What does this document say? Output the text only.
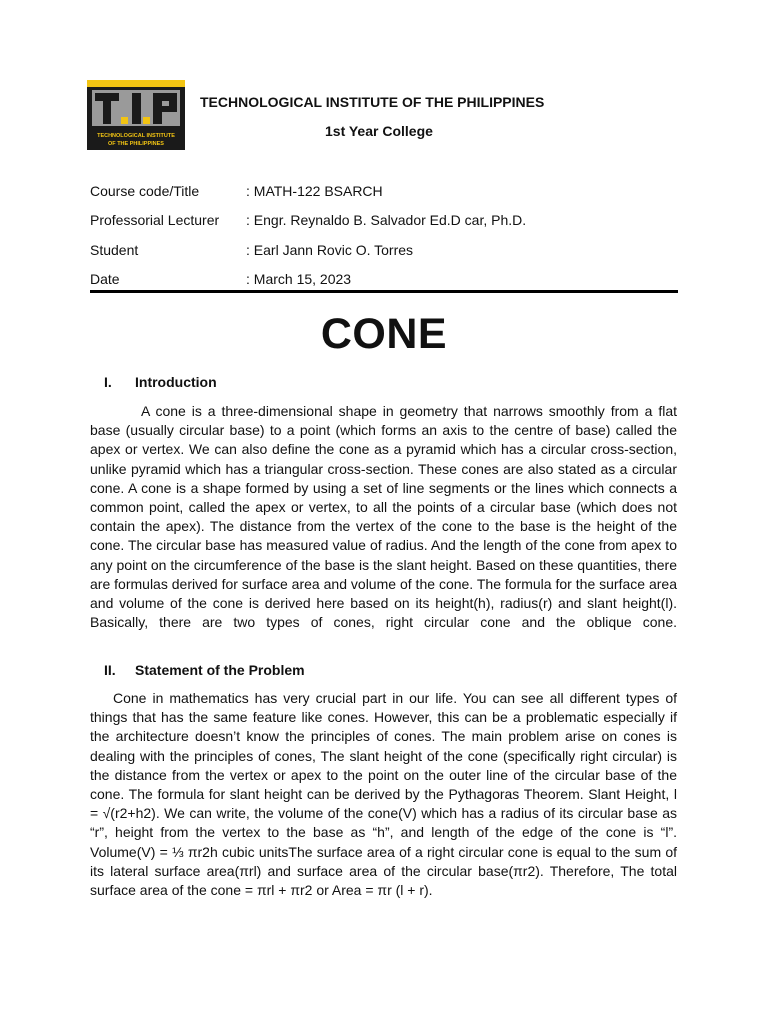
TECHNOLOGICAL INSTITUTE
OF THE PHILIPPINES
TECHNOLOGICAL INSTITUTE OF THE PHILIPPINES
1st Year College
Course code/Title	: MATH-122 BSARCH
Professorial Lecturer : Engr. Reynaldo B. Salvador Ed.D car, Ph.D.
Student	: Earl Jann Rovic O. Torres
Date	: March 15, 2023
CONE
I. Introduction

A cone is a three-dimensional shape in geometry that narrows smoothly from a flat base (usually circular base) to a point (which forms an axis to the centre of base) called the apex or vertex. We can also define the cone as a pyramid which has a circular cross-section, unlike pyramid which has a triangular cross-section. These cones are also stated as a circular cone. A cone is a shape formed by using a set of line segments or the lines which connects a common point, called the apex or vertex, to all the points of a circular base (which does not contain the apex). The distance from the vertex of the cone to the base is the height of the cone. The circular base has measured value of radius. And the length of the cone from apex to any point on the circumference of the base is the slant height. Based on these quantities, there are formulas derived for surface area and volume of the cone. The formula for the surface area and volume of the cone is derived here based on its height(h), radius(r) and slant height(l). Basically, there are two types of cones, right circular cone and the oblique cone.

II. Statement of the Problem

Cone in mathematics has very crucial part in our life. You can see all different types of things that has the same feature like cones. However, this can be a problematic especially if the architecture doesn’t know the principles of cones. The main problem arise on cones is dealing with the principles of cones, The slant height of the cone (specifically right circular) is the distance from the vertex or apex to the point on the outer line of the circular base of the cone. The formula for slant height can be derived by the Pythagoras Theorem. Slant Height, l = √(r2+h2). We can write, the volume of the cone(V) which has a radius of its circular base as “r”, height from the vertex to the base as “h”, and length of the edge of the cone is “l”. Volume(V) = ⅓ πr2h cubic unitsThe surface area of a right circular cone is equal to the sum of its lateral surface area(πrl) and surface area of the circular base(πr2). Therefore, The total surface area of the cone = πrl + πr2 or Area = πr (l + r).
